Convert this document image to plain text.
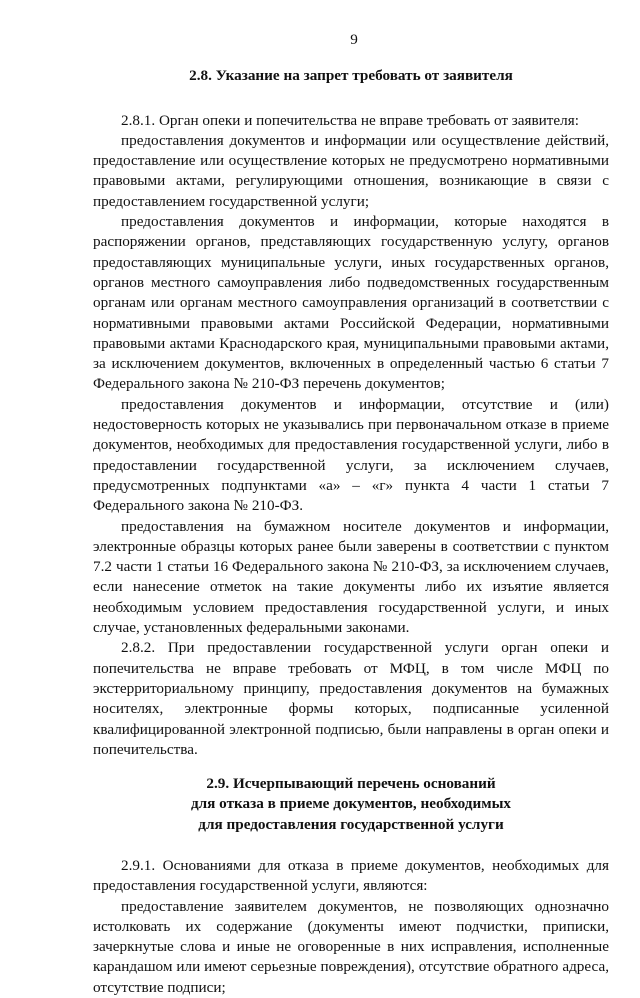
9
2.8. Указание на запрет требовать от заявителя

2.8.1. Орган опеки и попечительства не вправе требовать от заявителя:

предоставления документов и информации или осуществление действий, предоставление или осуществление которых не предусмотрено нормативными правовыми актами, регулирующими отношения, возникающие в связи с предоставлением государственной услуги;

предоставления документов и информации, которые находятся в распоряжении органов, представляющих государственную услугу, органов предоставляющих муниципальные услуги, иных государственных органов, органов местного самоуправления либо подведомственных государственным органам или органам местного самоуправления организаций в соответствии с нормативными правовыми актами Российской Федерации, нормативными правовыми актами Краснодарского края, муниципальными правовыми актами, за исключением документов, включенных в определенный частью 6 статьи 7 Федерального закона № 210-ФЗ перечень документов;

предоставления документов и информации, отсутствие и (или) недостоверность которых не указывались при первоначальном отказе в приеме документов, необходимых для предоставления государственной услуги, либо в предоставлении государственной услуги, за исключением случаев, предусмотренных подпунктами «а» – «г» пункта 4 части 1 статьи 7 Федерального закона № 210-ФЗ.

предоставления на бумажном носителе документов и информации, электронные образцы которых ранее были заверены в соответствии с пунктом 7.2 части 1 статьи 16 Федерального закона № 210-ФЗ, за исключением случаев, если нанесение отметок на такие документы либо их изъятие является необходимым условием предоставления государственной услуги, и иных случае, установленных федеральными законами.

2.8.2. При предоставлении государственной услуги орган опеки и попечительства не вправе требовать от МФЦ, в том числе МФЦ по экстерриториальному принципу, предоставления документов на бумажных носителях, электронные формы которых, подписанные усиленной квалифицированной электронной подписью, были направлены в орган опеки и попечительства.

2.9. Исчерпывающий перечень оснований
для отказа в приеме документов, необходимых
для предоставления государственной услуги

2.9.1. Основаниями для отказа в приеме документов, необходимых для предоставления государственной услуги, являются:

предоставление заявителем документов, не позволяющих однозначно истолковать их содержание (документы имеют подчистки, приписки, зачеркнутые слова и иные не оговоренные в них исправления, исполненные карандашом или имеют серьезные повреждения), отсутствие обратного адреса, отсутствие подписи;
